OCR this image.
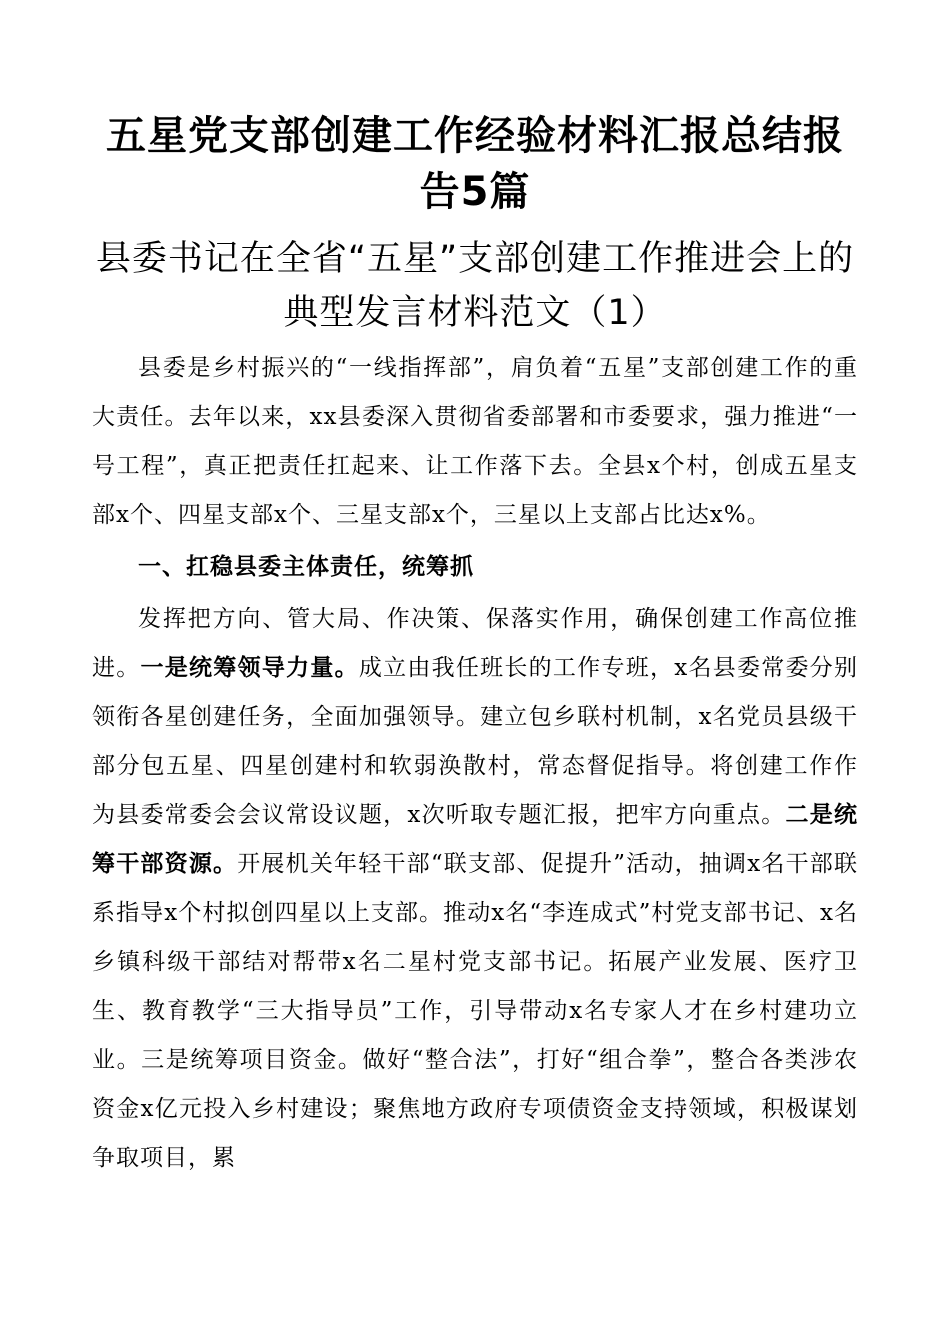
五星党支部创建工作经验材料汇报总结报告5篇
县委书记在全省“五星”支部创建工作推进会上的典型发言材料范文（1）

县委是乡村振兴的“一线指挥部”，肩负着“五星”支部创建工作的重大责任。去年以来，xx县委深入贯彻省委部署和市委要求，强力推进“一号工程”，真正把责任扛起来、让工作落下去。全县x个村，创成五星支部x个、四星支部x个、三星支部x个，三星以上支部占比达x%。

一、扛稳县委主体责任，统筹抓

发挥把方向、管大局、作决策、保落实作用，确保创建工作高位推进。一是统筹领导力量。成立由我任班长的工作专班，x名县委常委分别领衔各星创建任务，全面加强领导。建立包乡联村机制，x名党员县级干部分包五星、四星创建村和软弱涣散村，常态督促指导。将创建工作作为县委常委会会议常设议题，x次听取专题汇报，把牢方向重点。二是统筹干部资源。开展机关年轻干部“联支部、促提升”活动，抽调x名干部联系指导x个村拟创四星以上支部。推动x名“李连成式”村党支部书记、x名乡镇科级干部结对帮带x名二星村党支部书记。拓展产业发展、医疗卫生、教育教学“三大指导员”工作，引导带动x名专家人才在乡村建功立业。三是统筹项目资金。做好“整合法”，打好“组合拳”，整合各类涉农资金x亿元投入乡村建设；聚焦地方政府专项债资金支持领域，积极谋划争取项目，累
